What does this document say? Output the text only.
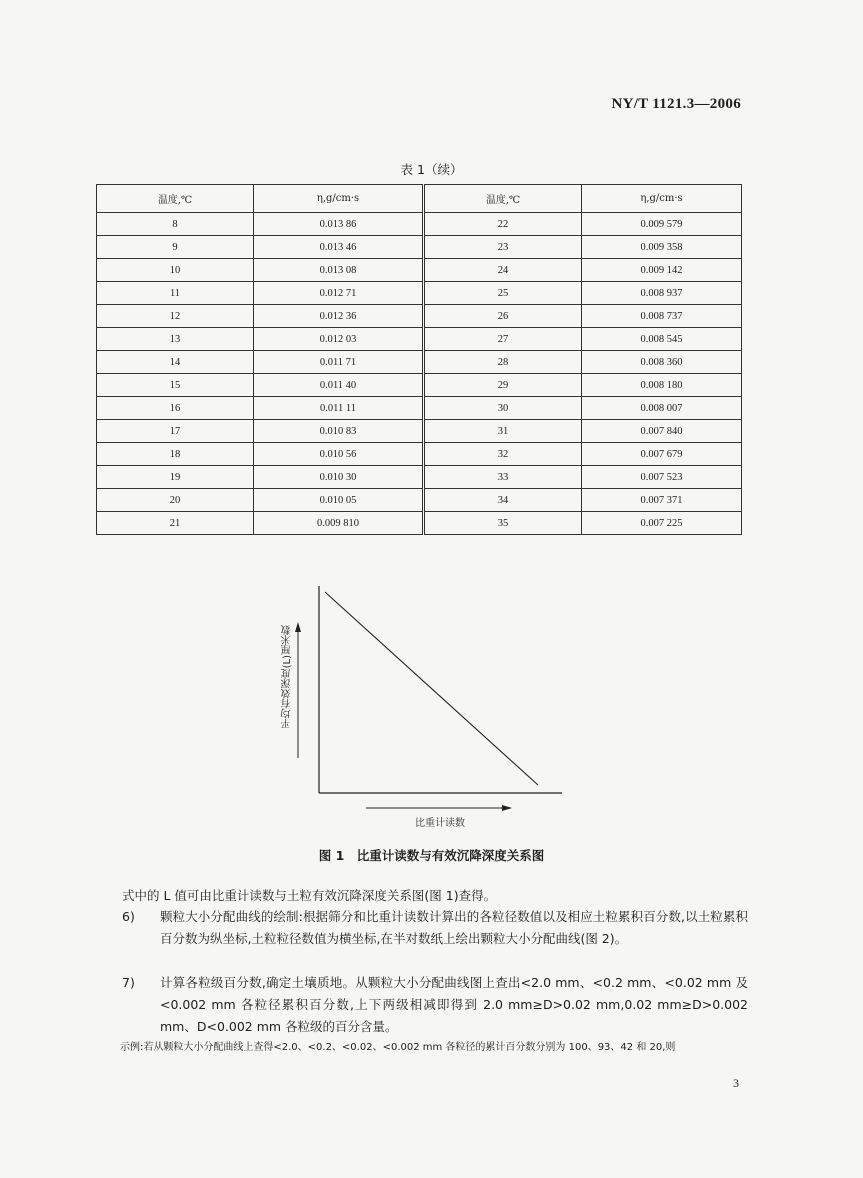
NY/T 1121.3—2006
表 1（续）
温度,℃	η,g/cm·s	温度,℃	η,g/cm·s
8	0.013 86	22	0.009 579
9	0.013 46	23	0.009 358
10	0.013 08	24	0.009 142
11	0.012 71	25	0.008 937
12	0.012 36	26	0.008 737
13	0.012 03	27	0.008 545
14	0.011 71	28	0.008 360
15	0.011 40	29	0.008 180
16	0.011 11	30	0.008 007
17	0.010 83	31	0.007 840
18	0.010 56	32	0.007 679
19	0.010 30	33	0.007 523
20	0.010 05	34	0.007 371
21	0.009 810	35	0.007 225
平均有效深度(L)厘米数
比重计读数
图 1　比重计读数与有效沉降深度关系图
式中的 L 值可由比重计读数与土粒有效沉降深度关系图(图 1)查得。
6) 颗粒大小分配曲线的绘制:根据筛分和比重计读数计算出的各粒径数值以及相应土粒累积百分数,以土粒累积百分数为纵坐标,土粒粒径数值为横坐标,在半对数纸上绘出颗粒大小分配曲线(图 2)。
7) 计算各粒级百分数,确定土壤质地。从颗粒大小分配曲线图上查出<2.0 mm、<0.2 mm、<0.02 mm 及<0.002 mm 各粒径累积百分数,上下两级相减即得到 2.0 mm≥D>0.02 mm,0.02 mm≥D>0.002 mm、D<0.002 mm 各粒级的百分含量。
示例:若从颗粒大小分配曲线上查得<2.0、<0.2、<0.02、<0.002 mm 各粒径的累计百分数分别为 100、93、42 和 20,则
3
